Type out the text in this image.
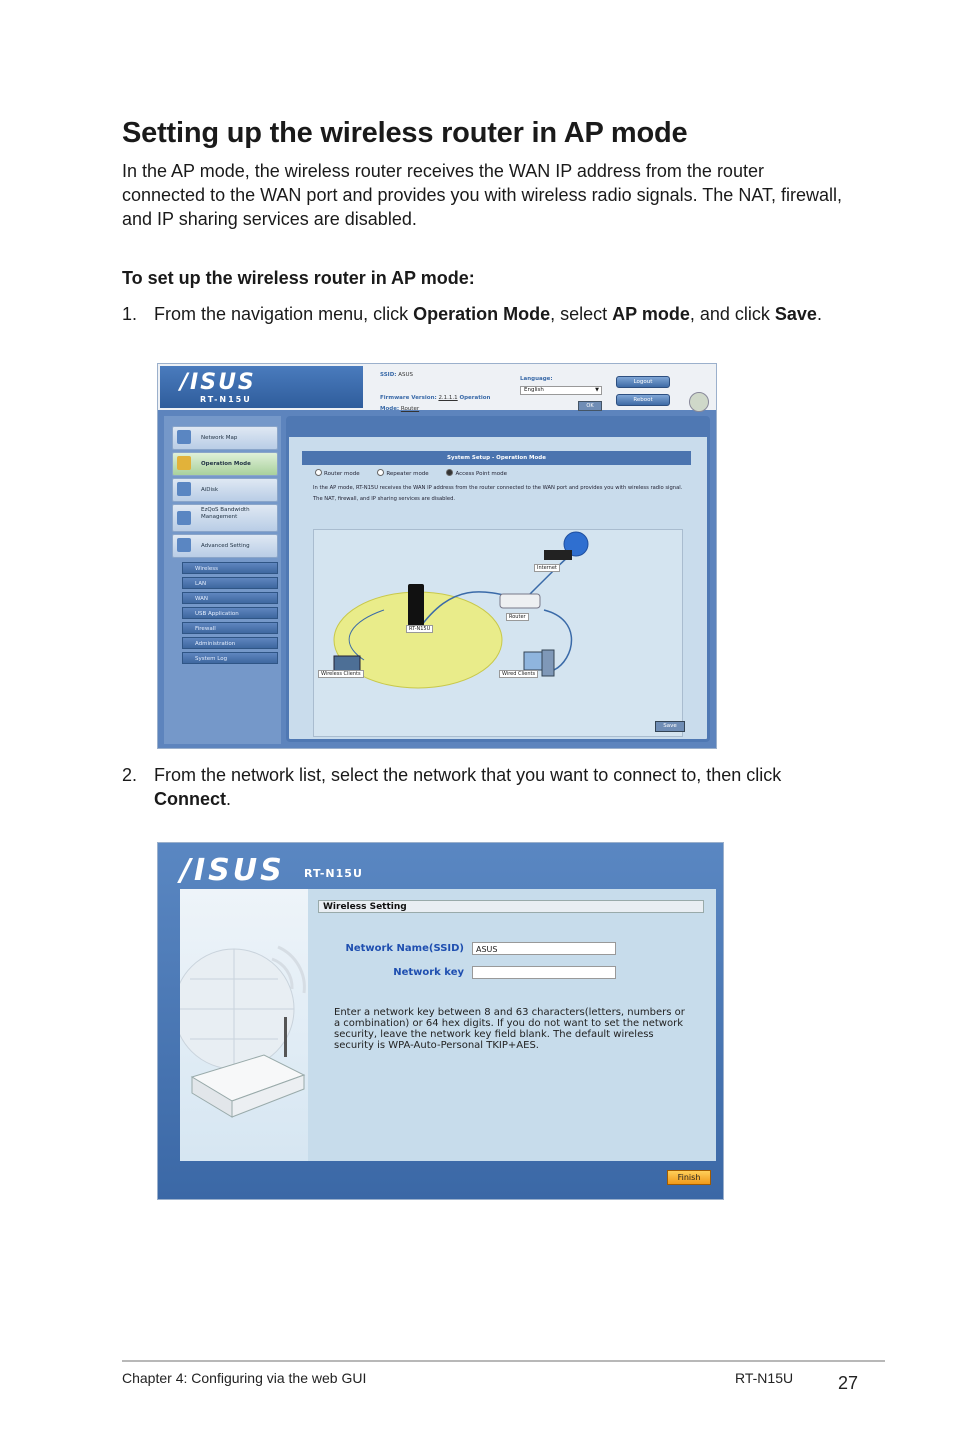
Setting up the wireless router in AP mode

In the AP mode, the wireless router receives the WAN IP address from the router connected to the WAN port and provides you with wireless radio signals. The NAT, firewall, and IP sharing services are disabled.

To set up the wireless router in AP mode:

1. From the navigation menu, click Operation Mode, select AP mode, and click Save.
/ISUS
RT-N15U
SSID: ASUS
Firmware Version: 2.1.1.1 Operation
Mode: Router
Language:
English	▼
OK
Logout
Reboot
Network Map
Operation Mode
AiDisk
EzQoS Bandwidth Management
Advanced Setting
Wireless
LAN
WAN
USB Application
Firewall
Administration
System Log
System Setup - Operation Mode
Router mode	Repeater mode	Access Point mode
In the AP mode, RT-N15U receives the WAN IP address from the router connected to the WAN port and provides you with wireless radio signal. The NAT, firewall, and IP sharing services are disabled.
Internet
Router
RT-N15U
Wireless Clients	Wired Clients
Save
2. From the network list, select the network that you want to connect to, then click Connect.
/ISUS RT-N15U
Wireless Setting
Network Name(SSID)	ASUS
Network key
Enter a network key between 8 and 63 characters(letters, numbers or a combination) or 64 hex digits. If you do not want to set the network security, leave the network key field blank. The default wireless security is WPA-Auto-Personal TKIP+AES.
Finish
Chapter 4: Configuring via the web GUI	RT-N15U 27
